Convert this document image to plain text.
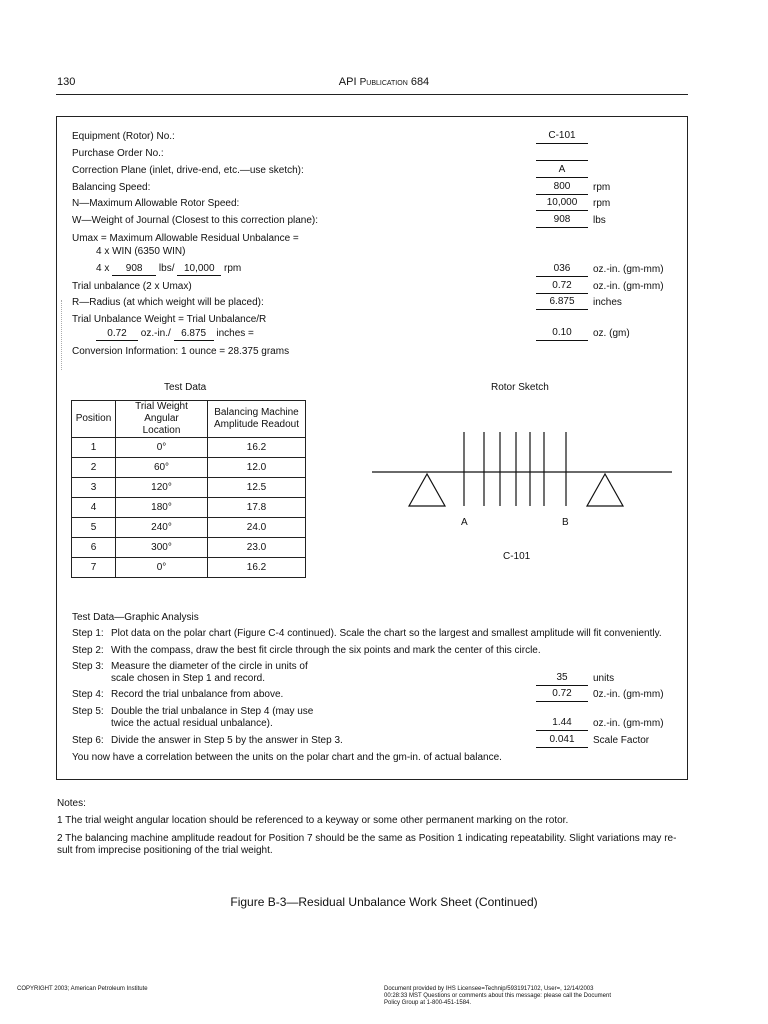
130	API Publication 684
Equipment (Rotor) No.:	C-101
Purchase Order No.:
Correction Plane (inlet, drive-end, etc.—use sketch):	A
Balancing Speed:	800	rpm
N—Maximum Allowable Rotor Speed:	10,000	rpm
W—Weight of Journal (Closest to this correction plane):	908	lbs
Umax = Maximum Allowable Residual Unbalance =
4 x WIN (6350 WIN)
4 x 908 lbs/ 10,000 rpm	036	oz.-in. (gm-mm)
Trial unbalance (2 x Umax)	0.72	oz.-in. (gm-mm)
R—Radius (at which weight will be placed):	6.875	inches
Trial Unbalance Weight = Trial Unbalance/R
0.72 oz.-in./ 6.875 inches =	0.10	oz. (gm)
Conversion Information: 1 ounce = 28.375 grams
Test Data
Position	Trial Weight Angular Location	Balancing Machine Amplitude Readout
1	0°	16.2
2	60°	12.0
3	120°	12.5
4	180°	17.8
5	240°	24.0
6	300°	23.0
7	0°	16.2
Rotor Sketch
A	B
C-101
Test Data—Graphic Analysis
Step 1: Plot data on the polar chart (Figure C-4 continued). Scale the chart so the largest and smallest amplitude will fit conveniently.
Step 2: With the compass, draw the best fit circle through the six points and mark the center of this circle.
Step 3: Measure the diameter of the circle in units of
scale chosen in Step 1 and record.	35	units
Step 4: Record the trial unbalance from above.	0.72	0z.-in. (gm-mm)
Step 5: Double the trial unbalance in Step 4 (may use
twice the actual residual unbalance).	1.44	oz.-in. (gm-mm)
Step 6: Divide the answer in Step 5 by the answer in Step 3.	0.041	Scale Factor
You now have a correlation between the units on the polar chart and the gm-in. of actual balance.
Notes:
1 The trial weight angular location should be referenced to a keyway or some other permanent marking on the rotor.
2 The balancing machine amplitude readout for Position 7 should be the same as Position 1 indicating repeatability. Slight variations may re-
sult from imprecise positioning of the trial weight.
Figure B-3—Residual Unbalance Work Sheet (Continued)
COPYRIGHT 2003; American Petroleum Institute	Document provided by IHS Licensee=Technip/5931917102, User=, 12/14/2003
00:28:33 MST Questions or comments about this message: please call the Document
Policy Group at 1-800-451-1584.
